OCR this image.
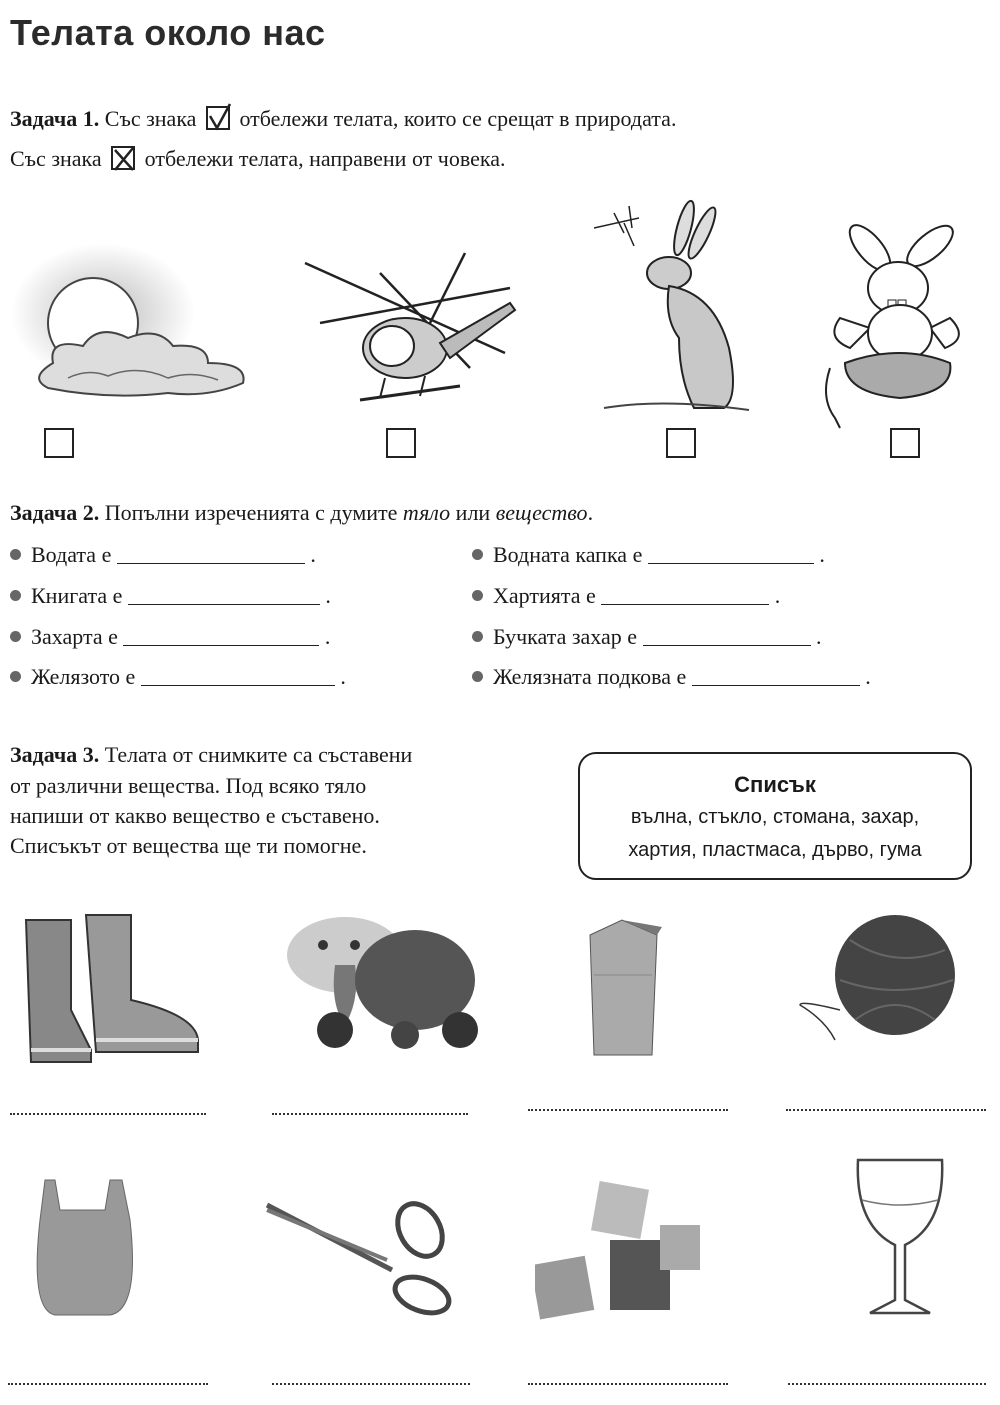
Телата около нас
Задача 1. Със знака отбележи телата, които се срещат в природата.
Със знака отбележи телата, направени от човека.
Задача 2. Попълни изреченията с думите тяло или вещество.
Водата е	.
Книгата е	.
Захарта е	.
Желязото е	.
Водната капка е	.
Хартията е	.
Бучката захар е	.
Желязната подкова е	.
Задача 3. Телата от снимките са съставени
от различни вещества. Под всяко тяло
напиши от какво вещество е съставено.
Списъкът от вещества ще ти помогне.
Списък
вълна, стъкло, стомана, захар,
хартия, пластмаса, дърво, гума
